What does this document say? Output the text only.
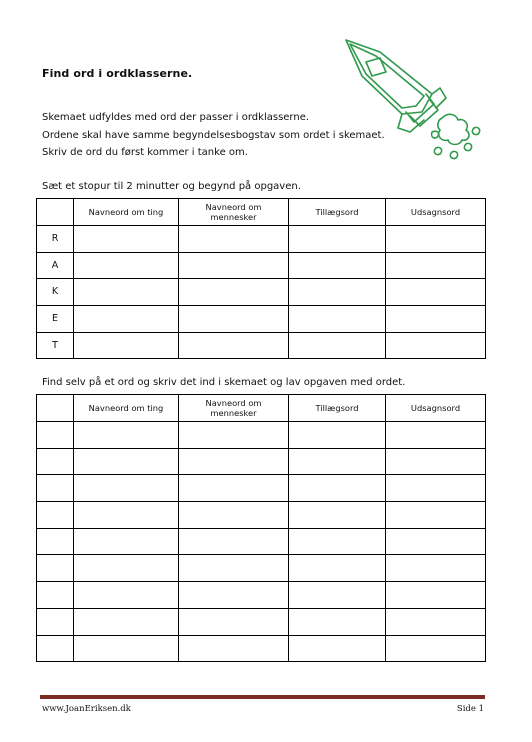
Find ord i ordklasserne.
Skemaet udfyldes med ord der passer i ordklasserne.
Ordene skal have samme begyndelsesbogstav som ordet i skemaet.
Skriv de ord du først kommer i tanke om.
Sæt et stopur til 2 minutter og begynd på opgaven.
	Navneord om ting	Navneord om mennesker	Tillægsord	Udsagnsord
R				
A				
K				
E				
T				
Find selv på et ord og skriv det ind i skemaet og lav opgaven med ordet.
	Navneord om ting	Navneord om mennesker	Tillægsord	Udsagnsord

www.JoanEriksen.dk	Side 1
